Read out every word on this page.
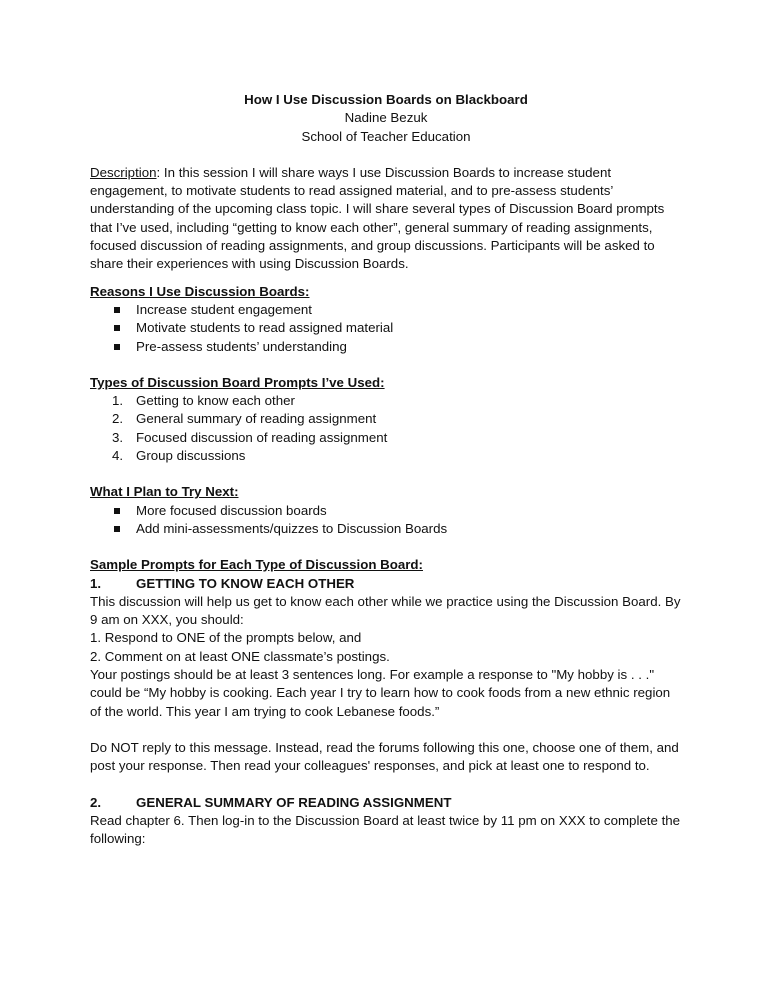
How I Use Discussion Boards on Blackboard

Nadine Bezuk

School of Teacher Education

Description: In this session I will share ways I use Discussion Boards to increase student engagement, to motivate students to read assigned material, and to pre-assess students’ understanding of the upcoming class topic. I will share several types of Discussion Board prompts that I’ve used, including “getting to know each other”, general summary of reading assignments, focused discussion of reading assignments, and group discussions. Participants will be asked to share their experiences with using Discussion Boards.

Reasons I Use Discussion Boards:

Increase student engagement
Motivate students to read assigned material
Pre-assess students’ understanding

Types of Discussion Board Prompts I’ve Used:

1. Getting to know each other
2. General summary of reading assignment
3. Focused discussion of reading assignment
4. Group discussions

What I Plan to Try Next:

More focused discussion boards
Add mini-assessments/quizzes to Discussion Boards

Sample Prompts for Each Type of Discussion Board:

1.	GETTING TO KNOW EACH OTHER

This discussion will help us get to know each other while we practice using the Discussion Board. By 9 am on XXX, you should:

1. Respond to ONE of the prompts below, and

2. Comment on at least ONE classmate’s postings.

Your postings should be at least 3 sentences long. For example a response to "My hobby is . . ." could be “My hobby is cooking. Each year I try to learn how to cook foods from a new ethnic region of the world. This year I am trying to cook Lebanese foods.”

Do NOT reply to this message. Instead, read the forums following this one, choose one of them, and post your response. Then read your colleagues' responses, and pick at least one to respond to.

2.	GENERAL SUMMARY OF READING ASSIGNMENT

Read chapter 6. Then log-in to the Discussion Board at least twice by 11 pm on XXX to complete the following:
